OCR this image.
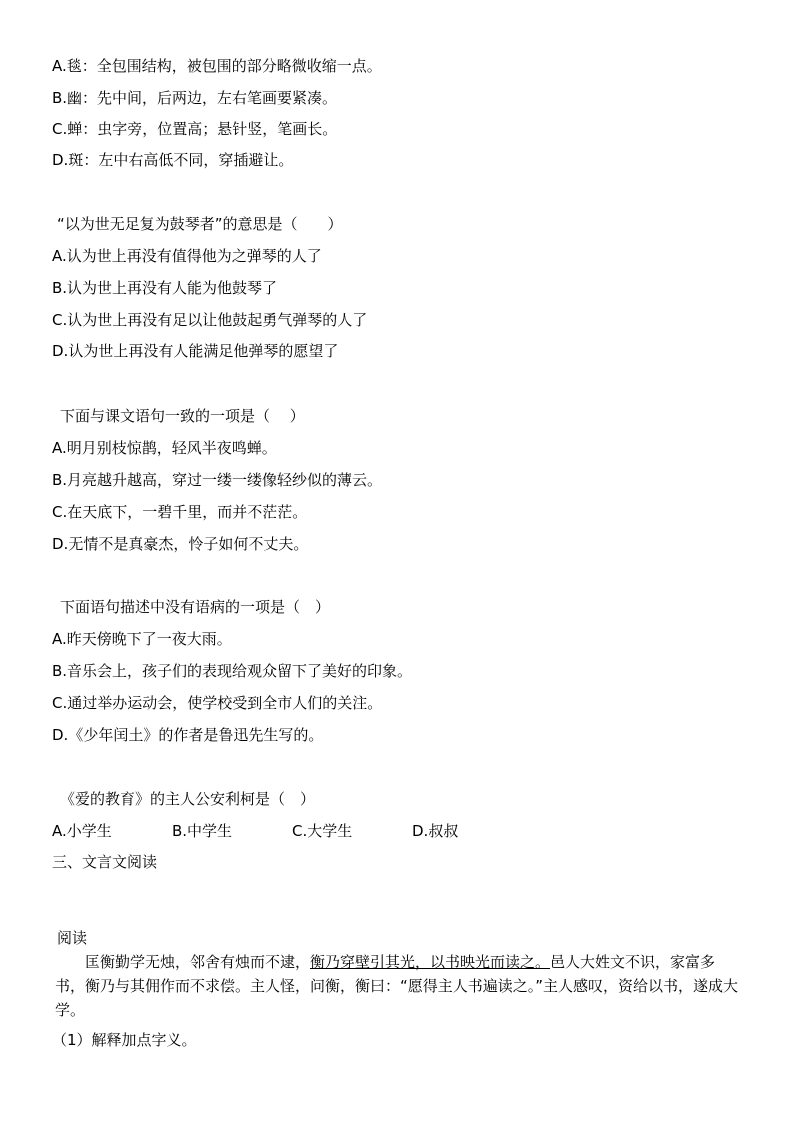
A.毯：全包围结构，被包围的部分略微收缩一点。
B.幽：先中间，后两边，左右笔画要紧凑。
C.蝉：虫字旁，位置高；悬针竖，笔画长。
D.斑：左中右高低不同，穿插避让。
“以为世无足复为鼓琴者”的意思是（　　）
A.认为世上再没有值得他为之弹琴的人了
B.认为世上再没有人能为他鼓琴了
C.认为世上再没有足以让他鼓起勇气弹琴的人了
D.认为世上再没有人能满足他弹琴的愿望了
下面与课文语句一致的一项是（　 ）
A.明月别枝惊鹊，轻风半夜鸣蝉。
B.月亮越升越高，穿过一缕一缕像轻纱似的薄云。
C.在天底下，一碧千里，而并不茫茫。
D.无情不是真豪杰，怜子如何不丈夫。
下面语句描述中没有语病的一项是（　）
A.昨天傍晚下了一夜大雨。
B.音乐会上，孩子们的表现给观众留下了美好的印象。
C.通过举办运动会，使学校受到全市人们的关注。
D.《少年闰土》的作者是鲁迅先生写的。
《爱的教育》的主人公安利柯是（　）
A.小学生	B.中学生	C.大学生	D.叔叔
三、文言文阅读
阅读
匡衡勤学无烛，邻舍有烛而不逮，衡乃穿壁引其光，以书映光而读之。邑人大姓文不识，家富多书，衡乃与其佣作而不求偿。主人怪，问衡，衡曰：“愿得主人书遍读之。”主人感叹，资给以书，遂成大学。
（1）解释加点字义。
